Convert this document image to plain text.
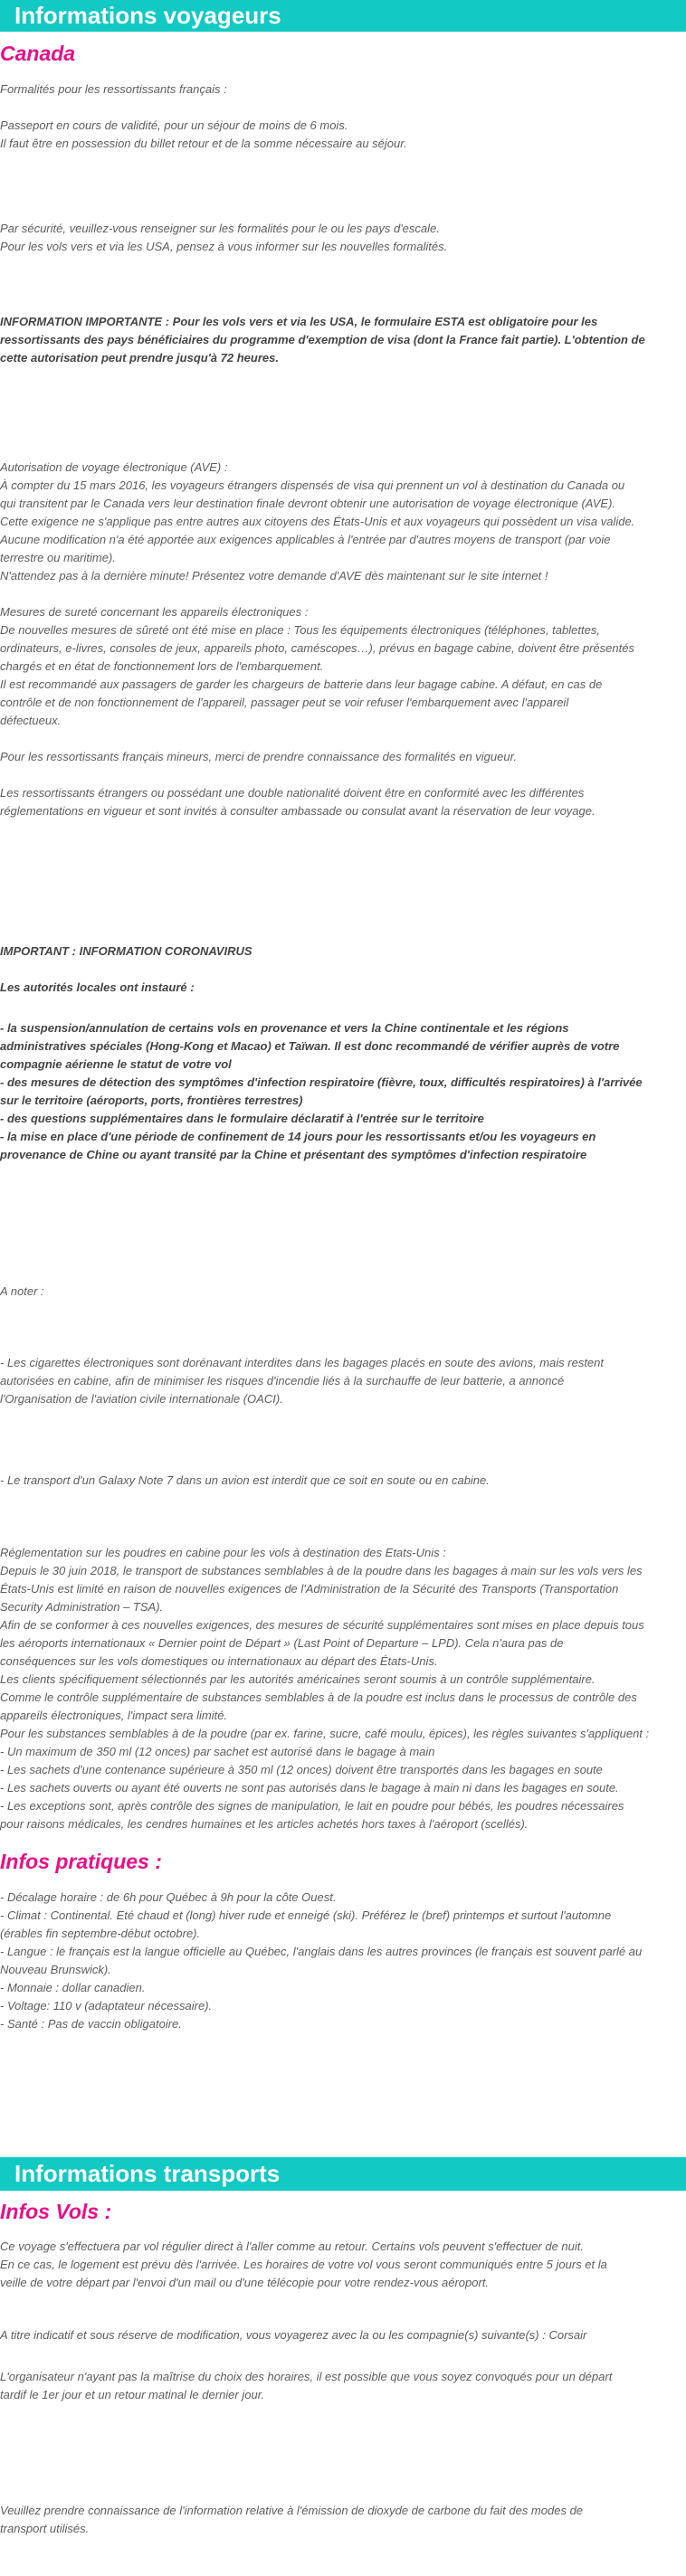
Informations voyageurs
Canada
Formalités pour les ressortissants français :

Passeport en cours de validité, pour un séjour de moins de 6 mois.
Il faut être en possession du billet retour et de la somme nécessaire au séjour.
Par sécurité, veuillez-vous renseigner sur les formalités pour le ou les pays d'escale.
Pour les vols vers et via les USA, pensez à vous informer sur les nouvelles formalités.
INFORMATION IMPORTANTE : Pour les vols vers et via les USA, le formulaire ESTA est obligatoire pour les
ressortissants des pays bénéficiaires du programme d'exemption de visa (dont la France fait partie). L'obtention de
cette autorisation peut prendre jusqu'à 72 heures.
Autorisation de voyage électronique (AVE) :
À compter du 15 mars 2016, les voyageurs étrangers dispensés de visa qui prennent un vol à destination du Canada ou
qui transitent par le Canada vers leur destination finale devront obtenir une autorisation de voyage électronique (AVE).
Cette exigence ne s'applique pas entre autres aux citoyens des États-Unis et aux voyageurs qui possèdent un visa valide.
Aucune modification n'a été apportée aux exigences applicables à l'entrée par d'autres moyens de transport (par voie
terrestre ou maritime).
N'attendez pas à la dernière minute! Présentez votre demande d'AVE dès maintenant sur le site internet !

Mesures de sureté concernant les appareils électroniques :
De nouvelles mesures de sûreté ont été mise en place : Tous les équipements électroniques (téléphones, tablettes,
ordinateurs, e-livres, consoles de jeux, appareils photo, caméscopes…), prévus en bagage cabine, doivent être présentés
chargés et en état de fonctionnement lors de l'embarquement.
Il est recommandé aux passagers de garder les chargeurs de batterie dans leur bagage cabine. A défaut, en cas de
contrôle et de non fonctionnement de l'appareil, passager peut se voir refuser l'embarquement avec l'appareil
défectueux.

Pour les ressortissants français mineurs, merci de prendre connaissance des formalités en vigueur.

Les ressortissants étrangers ou possédant une double nationalité doivent être en conformité avec les différentes
réglementations en vigueur et sont invités à consulter ambassade ou consulat avant la réservation de leur voyage.
IMPORTANT : INFORMATION CORONAVIRUS
Les autorités locales ont instauré :
- la suspension/annulation de certains vols en provenance et vers la Chine continentale et les régions
administratives spéciales (Hong-Kong et Macao) et Taïwan. Il est donc recommandé de vérifier auprès de votre
compagnie aérienne le statut de votre vol
- des mesures de détection des symptômes d'infection respiratoire (fièvre, toux, difficultés respiratoires) à l'arrivée
sur le territoire (aéroports, ports, frontières terrestres)
- des questions supplémentaires dans le formulaire déclaratif à l'entrée sur le territoire
- la mise en place d'une période de confinement de 14 jours pour les ressortissants et/ou les voyageurs en
provenance de Chine ou ayant transité par la Chine et présentant des symptômes d'infection respiratoire
A noter :
- Les cigarettes électroniques sont dorénavant interdites dans les bagages placés en soute des avions, mais restent
autorisées en cabine, afin de minimiser les risques d'incendie liés à la surchauffe de leur batterie, a annoncé
l'Organisation de l'aviation civile internationale (OACI).
- Le transport d'un Galaxy Note 7 dans un avion est interdit que ce soit en soute ou en cabine.
Réglementation sur les poudres en cabine pour les vols à destination des Etats-Unis :
Depuis le 30 juin 2018, le transport de substances semblables à de la poudre dans les bagages à main sur les vols vers les
États-Unis est limité en raison de nouvelles exigences de l'Administration de la Sécurité des Transports (Transportation
Security Administration – TSA).
Afin de se conformer à ces nouvelles exigences, des mesures de sécurité supplémentaires sont mises en place depuis tous
les aéroports internationaux « Dernier point de Départ » (Last Point of Departure – LPD). Cela n'aura pas de
conséquences sur les vols domestiques ou internationaux au départ des États-Unis.
Les clients spécifiquement sélectionnés par les autorités américaines seront soumis à un contrôle supplémentaire.
Comme le contrôle supplémentaire de substances semblables à de la poudre est inclus dans le processus de contrôle des
appareils électroniques, l'impact sera limité.
Pour les substances semblables à de la poudre (par ex. farine, sucre, café moulu, épices), les règles suivantes s'appliquent :
- Un maximum de 350 ml (12 onces) par sachet est autorisé dans le bagage à main
- Les sachets d'une contenance supérieure à 350 ml (12 onces) doivent être transportés dans les bagages en soute
- Les sachets ouverts ou ayant été ouverts ne sont pas autorisés dans le bagage à main ni dans les bagages en soute.
- Les exceptions sont, après contrôle des signes de manipulation, le lait en poudre pour bébés, les poudres nécessaires
pour raisons médicales, les cendres humaines et les articles achetés hors taxes à l'aéroport (scellés).
Infos pratiques :
- Décalage horaire : de 6h pour Québec à 9h pour la côte Ouest.
- Climat : Continental. Eté chaud et (long) hiver rude et enneigé (ski). Préférez le (bref) printemps et surtout l'automne
(érables fin septembre-début octobre).
- Langue : le français est la langue officielle au Québec, l'anglais dans les autres provinces (le français est souvent parlé au
Nouveau Brunswick).
- Monnaie : dollar canadien.
- Voltage: 110 v (adaptateur nécessaire).
- Santé : Pas de vaccin obligatoire.
Informations transports
Infos Vols :
Ce voyage s'effectuera par vol régulier direct à l'aller comme au retour. Certains vols peuvent s'effectuer de nuit.
En ce cas, le logement est prévu dès l'arrivée. Les horaires de votre vol vous seront communiqués entre 5 jours et la
veille de votre départ par l'envoi d'un mail ou d'une télécopie pour votre rendez-vous aéroport.
A titre indicatif et sous réserve de modification, vous voyagerez avec la ou les compagnie(s) suivante(s) : Corsair
L'organisateur n'ayant pas la maîtrise du choix des horaires, il est possible que vous soyez convoqués pour un départ
tardif le 1er jour et un retour matinal le dernier jour.
Veuillez prendre connaissance de l'information relative à l'émission de dioxyde de carbone du fait des modes de
transport utilisés.
